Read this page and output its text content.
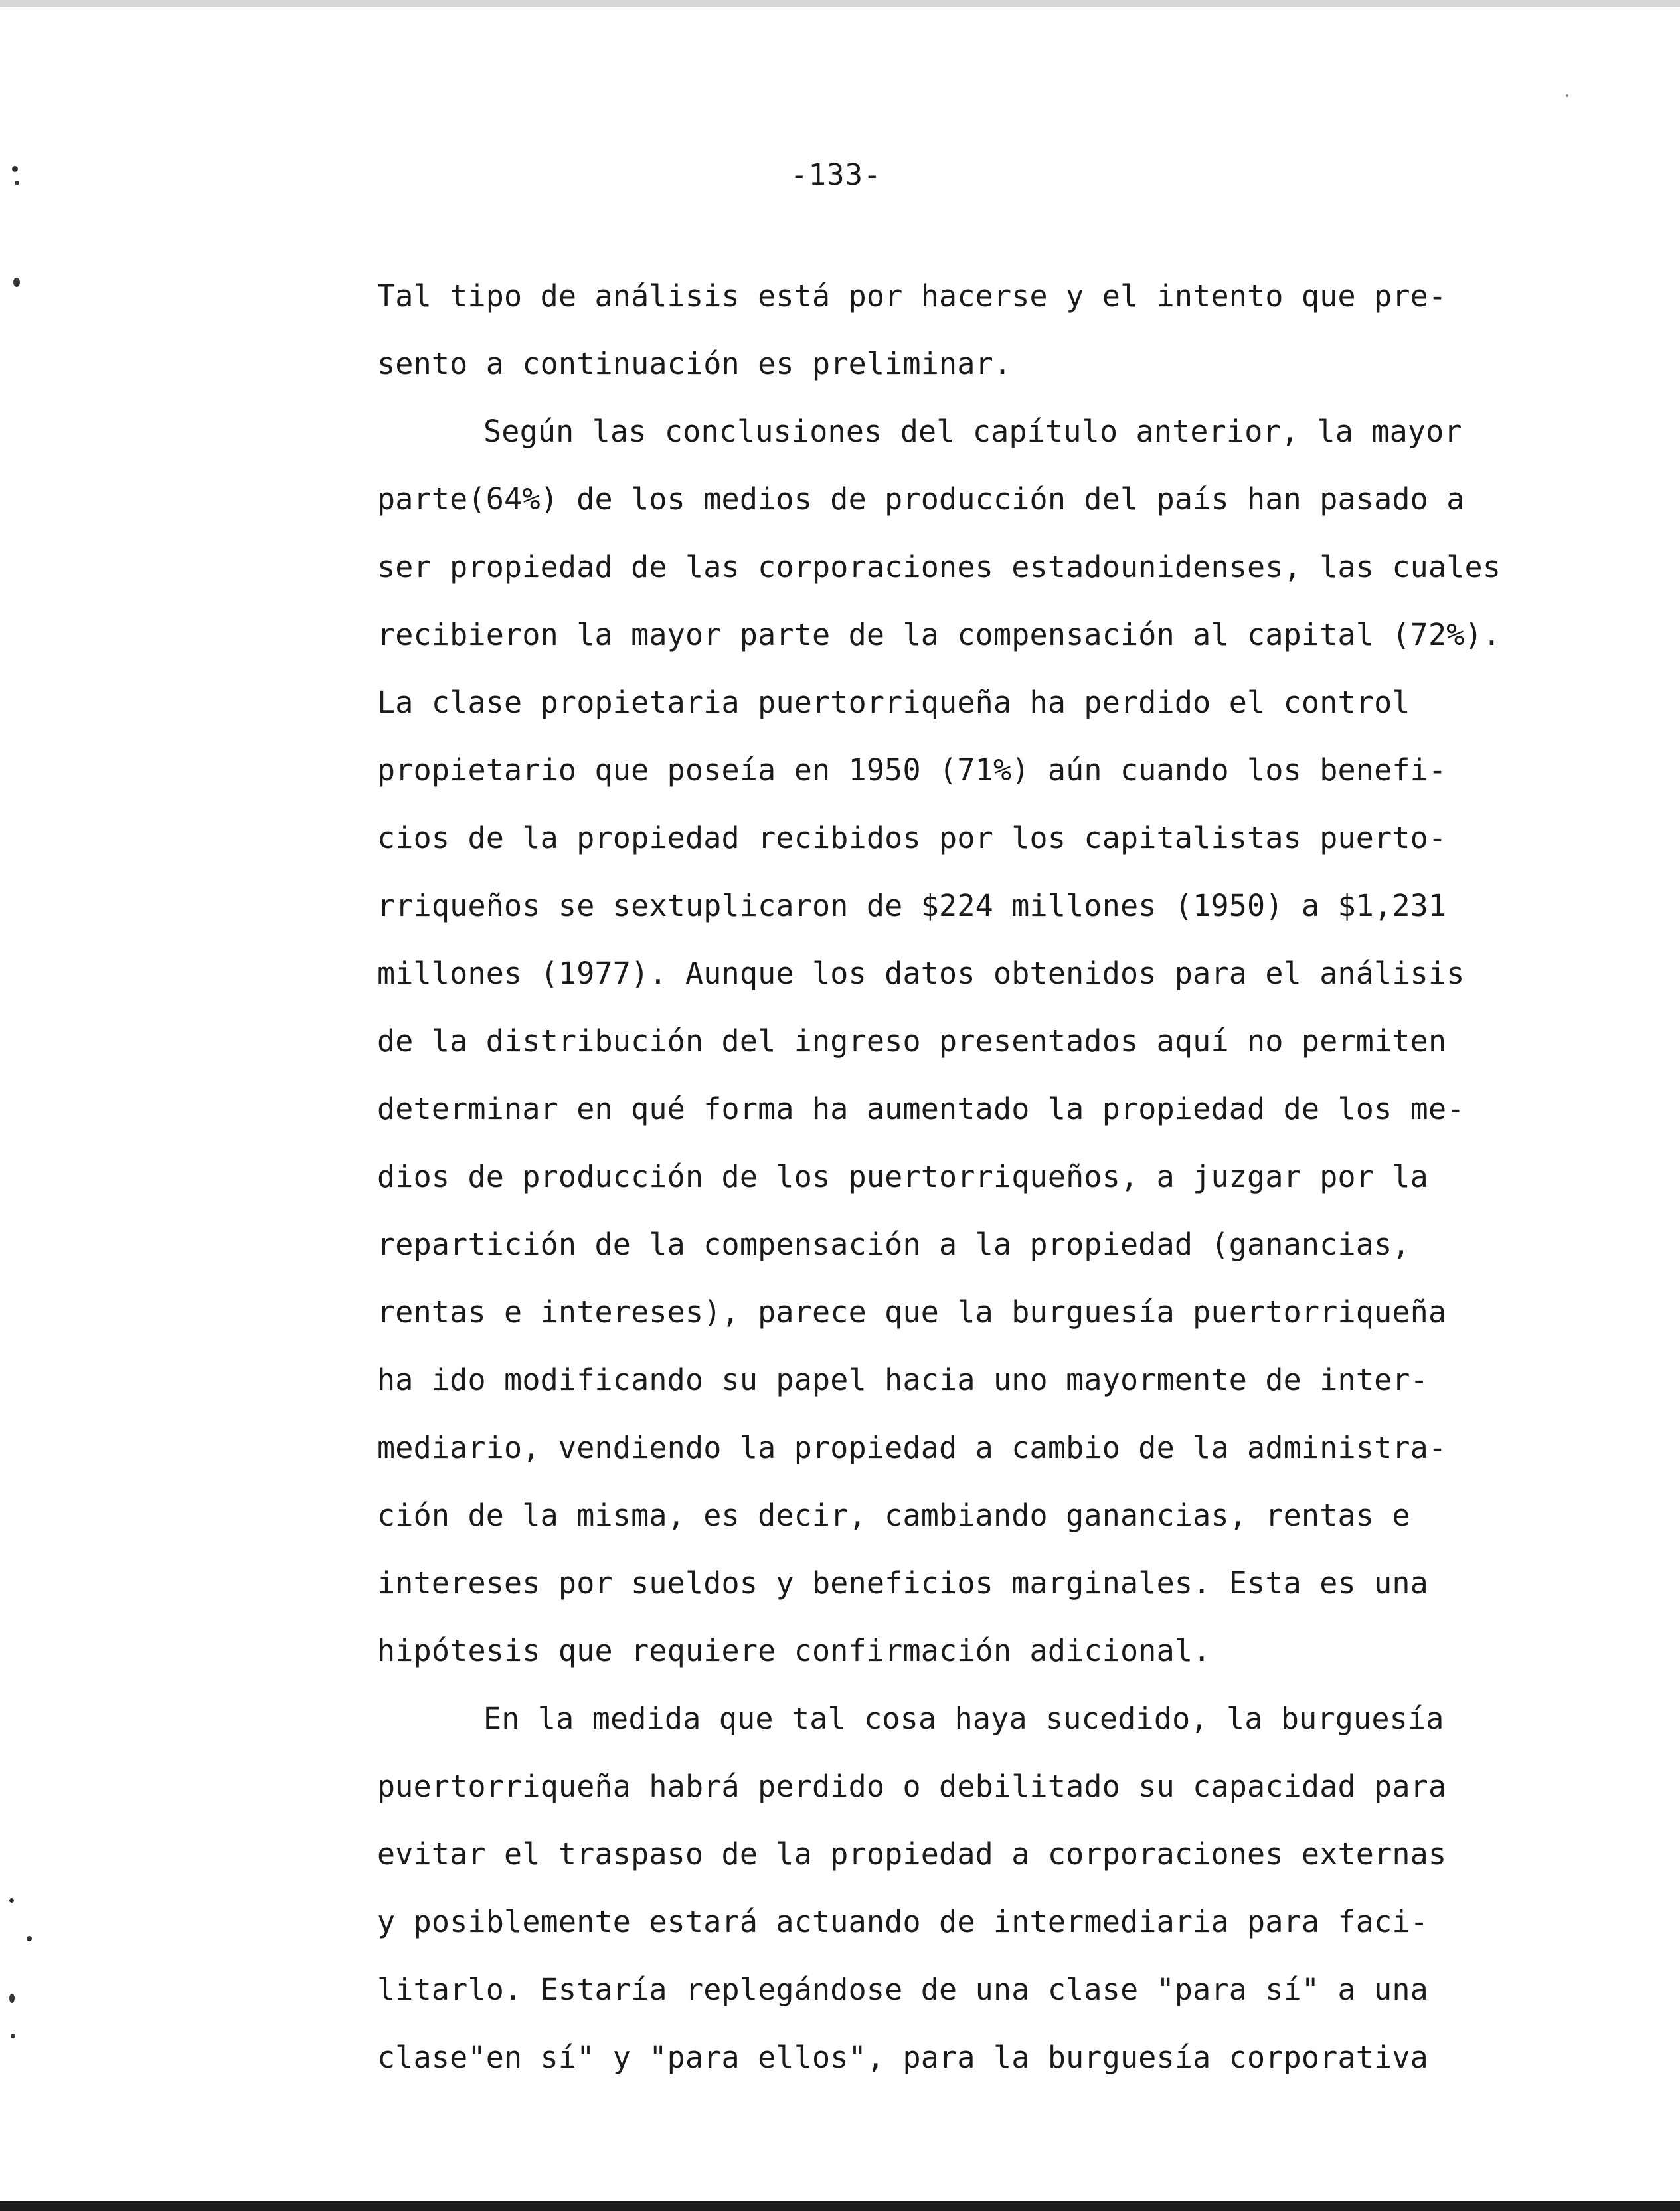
-133-
Tal tipo de análisis está por hacerse y el intento que pre-
sento a continuación es preliminar.
Según las conclusiones del capítulo anterior, la mayor
parte(64%) de los medios de producción del país han pasado a
ser propiedad de las corporaciones estadounidenses, las cuales
recibieron la mayor parte de la compensación al capital (72%).
La clase propietaria puertorriqueña ha perdido el control
propietario que poseía en 1950 (71%) aún cuando los benefi-
cios de la propiedad recibidos por los capitalistas puerto-
rriqueños se sextuplicaron de $224 millones (1950) a $1,231
millones (1977). Aunque los datos obtenidos para el análisis
de la distribución del ingreso presentados aquí no permiten
determinar en qué forma ha aumentado la propiedad de los me-
dios de producción de los puertorriqueños, a juzgar por la
repartición de la compensación a la propiedad (ganancias,
rentas e intereses), parece que la burguesía puertorriqueña
ha ido modificando su papel hacia uno mayormente de inter-
mediario, vendiendo la propiedad a cambio de la administra-
ción de la misma, es decir, cambiando ganancias, rentas e
intereses por sueldos y beneficios marginales. Esta es una
hipótesis que requiere confirmación adicional.
En la medida que tal cosa haya sucedido, la burguesía
puertorriqueña habrá perdido o debilitado su capacidad para
evitar el traspaso de la propiedad a corporaciones externas
y posiblemente estará actuando de intermediaria para faci-
litarlo. Estaría replegándose de una clase "para sí" a una
clase"en sí" y "para ellos", para la burguesía corporativa
